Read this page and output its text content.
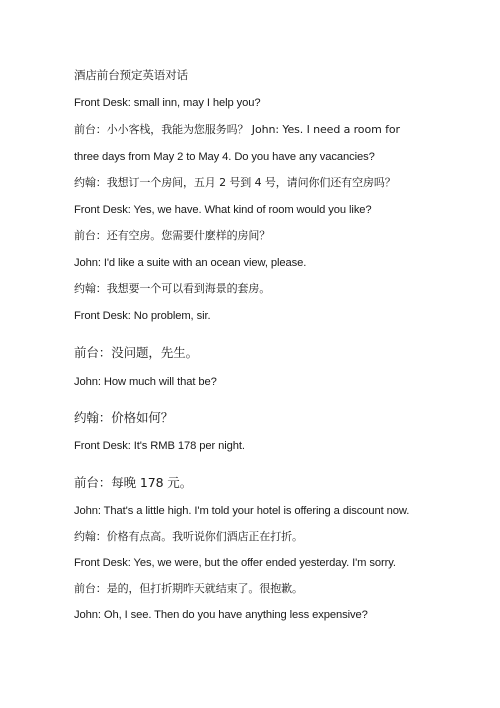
酒店前台预定英语对话
Front Desk: small inn, may I help you?
前台：小小客栈，我能为您服务吗？ John: Yes. I need a room for
three days from May 2 to May 4. Do you have any vacancies?
约翰：我想订一个房间，五月 2 号到 4 号，请问你们还有空房吗？
Front Desk: Yes, we have. What kind of room would you like?
前台：还有空房。您需要什麼样的房间？
John: I'd like a suite with an ocean view, please.
约翰：我想要一个可以看到海景的套房。
Front Desk: No problem, sir.
前台：没问题，先生。
John: How much will that be?
约翰：价格如何？
Front Desk: It's RMB 178 per night.
前台：每晚 178 元。
John: That's a little high. I'm told your hotel is offering a discount now.
约翰：价格有点高。我听说你们酒店正在打折。
Front Desk: Yes, we were, but the offer ended yesterday. I'm sorry.
前台：是的，但打折期昨天就结束了。很抱歉。
John: Oh, I see. Then do you have anything less expensive?
